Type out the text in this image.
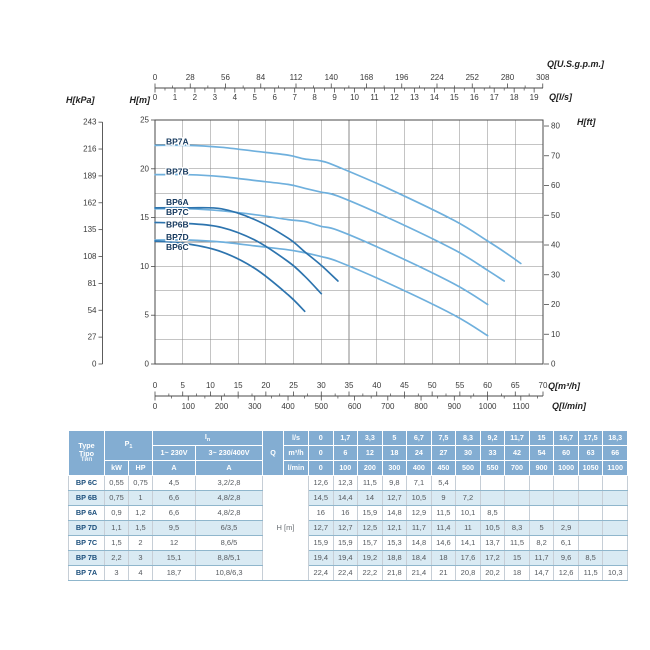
Q[U.S.g.p.m.]
0	28	56	84	112	140	168	196	224	252	280	308
Q[l/s]
0 1 2 3 4 5 6 7 8 9 10 11 12 13 14 15 16 17 18 19
H[kPa]
243
216
189
162
135
108
81
54
27
0
H[m]
25
20
15
10
5
0
H[ft]
80
70
60
50
40
30
20
10
0
Q[m³/h]
0	5	10 15 20 25 30 35 40 45 50 55 60 65 70
Q[l/min]
0	100 200 300 400 500 600 700 800 900 1000 1100
BP7A
BP7B
BP6A
BP7C
BP6B
BP7D
BP6C
Type
Tipo
Тип	$P_1$		$I_n$		Q	l/s	0	1,7	3,3	5	6,7	7,5	8,3	9,2	11,7	15	16,7	17,5	18,3
			1~ 230V	3~ 230/400V		m³/h	0	6	12	18	24	27	30	33	42	54	60	63	66
	kW	HP	A	A		l/min	0	100	200	300	400	450	500	550	700	900	1000	1050	1100
BP 6C	0,55	0,75	4,5	3,2/2,8	H [m]		12,6	12,3	11,5	9,8	7,1	5,4							
BP 6B	0,75	1	6,6	4,8/2,8			14,5	14,4	14	12,7	10,5	9	7,2						
BP 6A	0,9	1,2	6,6	4,8/2,8			16	16	15,9	14,8	12,9	11,5	10,1	8,5					
BP 7D	1,1	1,5	9,5	6/3,5			12,7	12,7	12,5	12,1	11,7	11,4	11	10,5	8,3	5	2,9		
BP 7C	1,5	2	12	8,6/5			15,9	15,9	15,7	15,3	14,8	14,6	14,1	13,7	11,5	8,2	6,1		
BP 7B	2,2	3	15,1	8,8/5,1			19,4	19,4	19,2	18,8	18,4	18	17,6	17,2	15	11,7	9,6	8,5	
BP 7A	3	4	18,7	10,8/6,3			22,4	22,4	22,2	21,8	21,4	21	20,8	20,2	18	14,7	12,6	11,5	10,3
